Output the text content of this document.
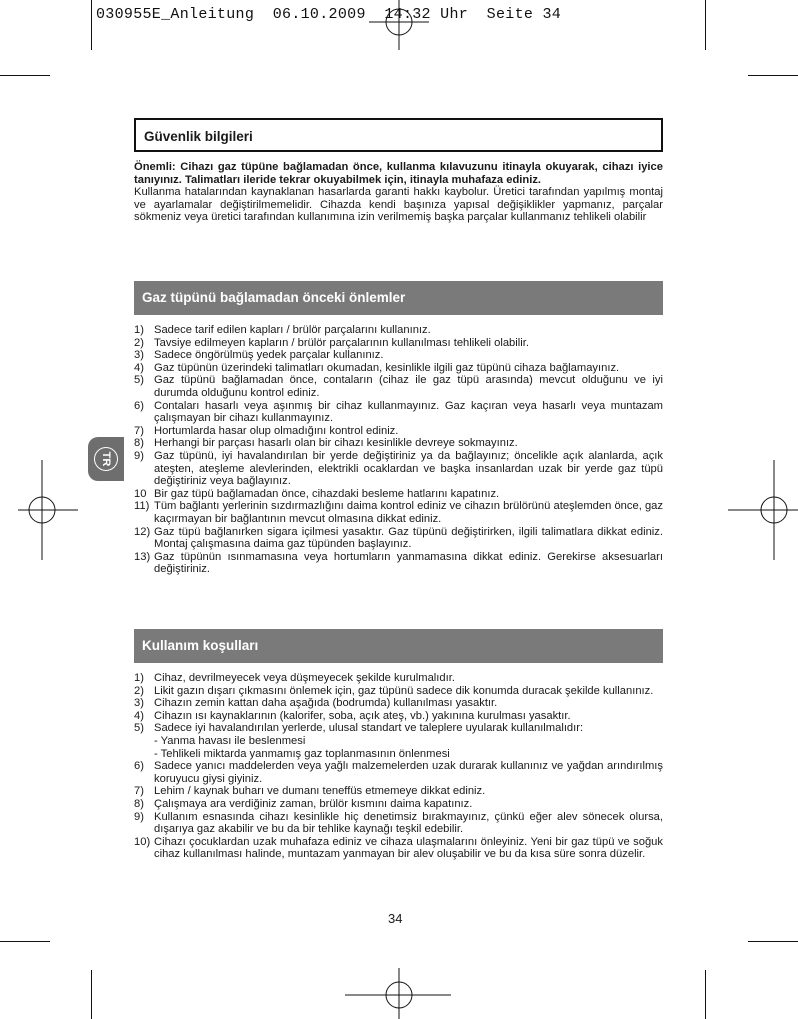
030955E_Anleitung  06.10.2009  14:32 Uhr  Seite 34
TR
Güvenlik bilgileri

Önemli: Cihazı gaz tüpüne bağlamadan önce, kullanma kılavuzunu itinayla okuyarak, cihazı iyice tanıyınız. Talimatları ileride tekrar okuyabilmek için, itinayla muhafaza ediniz.

Kullanma hatalarından kaynaklanan hasarlarda garanti hakkı kaybolur. Üretici tarafından yapılmış montaj ve ayarlamalar değiştirilmemelidir. Cihazda kendi başınıza yapısal değişiklikler yapmanız, parçalar sökmeniz veya üretici tarafından kullanımına izin verilmemiş başka parçalar kullanmanız tehlikeli olabilir

Gaz tüpünü bağlamadan önceki önlemler
1) Sadece tarif edilen kapları / brülör parçalarını kullanınız.
2) Tavsiye edilmeyen kapların / brülör parçalarının kullanılması tehlikeli olabilir.
3) Sadece öngörülmüş yedek parçalar kullanınız.
4) Gaz tüpünün üzerindeki talimatları okumadan, kesinlikle ilgili gaz tüpünü cihaza bağlamayınız.
5) Gaz tüpünü bağlamadan önce, contaların (cihaz ile gaz tüpü arasında) mevcut olduğunu ve iyi durumda olduğunu kontrol ediniz.
6) Contaları hasarlı veya aşınmış bir cihaz kullanmayınız. Gaz kaçıran veya hasarlı veya muntazam çalışmayan bir cihazı kullanmayınız.
7) Hortumlarda hasar olup olmadığını kontrol ediniz.
8) Herhangi bir parçası hasarlı olan bir cihazı kesinlikle devreye sokmayınız.
9) Gaz tüpünü, iyi havalandırılan bir yerde değiştiriniz ya da bağlayınız; öncelikle açık alanlarda, açık ateşten, ateşleme alevlerinden, elektrikli ocaklardan ve başka insanlardan uzak bir yerde gaz tüpü değiştiriniz veya bağlayınız.
10 Bir gaz tüpü bağlamadan önce, cihazdaki besleme hatlarını kapatınız.
11) Tüm bağlantı yerlerinin sızdırmazlığını daima kontrol ediniz ve cihazın brülörünü ateşlemden önce, gaz kaçırmayan bir bağlantının mevcut olmasına dikkat ediniz.
12) Gaz tüpü bağlanırken sigara içilmesi yasaktır. Gaz tüpünü değiştirirken, ilgili talimatlara dikkat ediniz. Montaj çalışmasına daima gaz tüpünden başlayınız.
13) Gaz tüpünün ısınmamasına veya hortumların yanmamasına dikkat ediniz. Gerekirse aksesuarları değiştiriniz.
Kullanım koşulları
1) Cihaz, devrilmeyecek veya düşmeyecek şekilde kurulmalıdır.
2) Likit gazın dışarı çıkmasını önlemek için, gaz tüpünü sadece dik konumda duracak şekilde kullanınız.
3) Cihazın zemin kattan daha aşağıda (bodrumda) kullanılması yasaktır.
4) Cihazın ısı kaynaklarının (kalorifer, soba, açık ateş, vb.) yakınına kurulması yasaktır.
5) Sadece iyi havalandırılan yerlerde, ulusal standart ve taleplere uyularak kullanılmalıdır:
- Yanma havası ile beslenmesi
- Tehlikeli miktarda yanmamış gaz toplanmasının önlenmesi
6) Sadece yanıcı maddelerden veya yağlı malzemelerden uzak durarak kullanınız ve yağdan arındırılmış koruyucu giysi giyiniz.
7) Lehim / kaynak buharı ve dumanı teneffüs etmemeye dikkat ediniz.
8) Çalışmaya ara verdiğiniz zaman, brülör kısmını daima kapatınız.
9) Kullanım esnasında cihazı kesinlikle hiç denetimsiz bırakmayınız, çünkü eğer alev sönecek olursa, dışarıya gaz akabilir ve bu da bir tehlike kaynağı teşkil edebilir.
10) Cihazı çocuklardan uzak muhafaza ediniz ve cihaza ulaşmalarını önleyiniz. Yeni bir gaz tüpü ve soğuk cihaz kullanılması halinde, muntazam yanmayan bir alev oluşabilir ve bu da kısa süre sonra düzelir.
34
